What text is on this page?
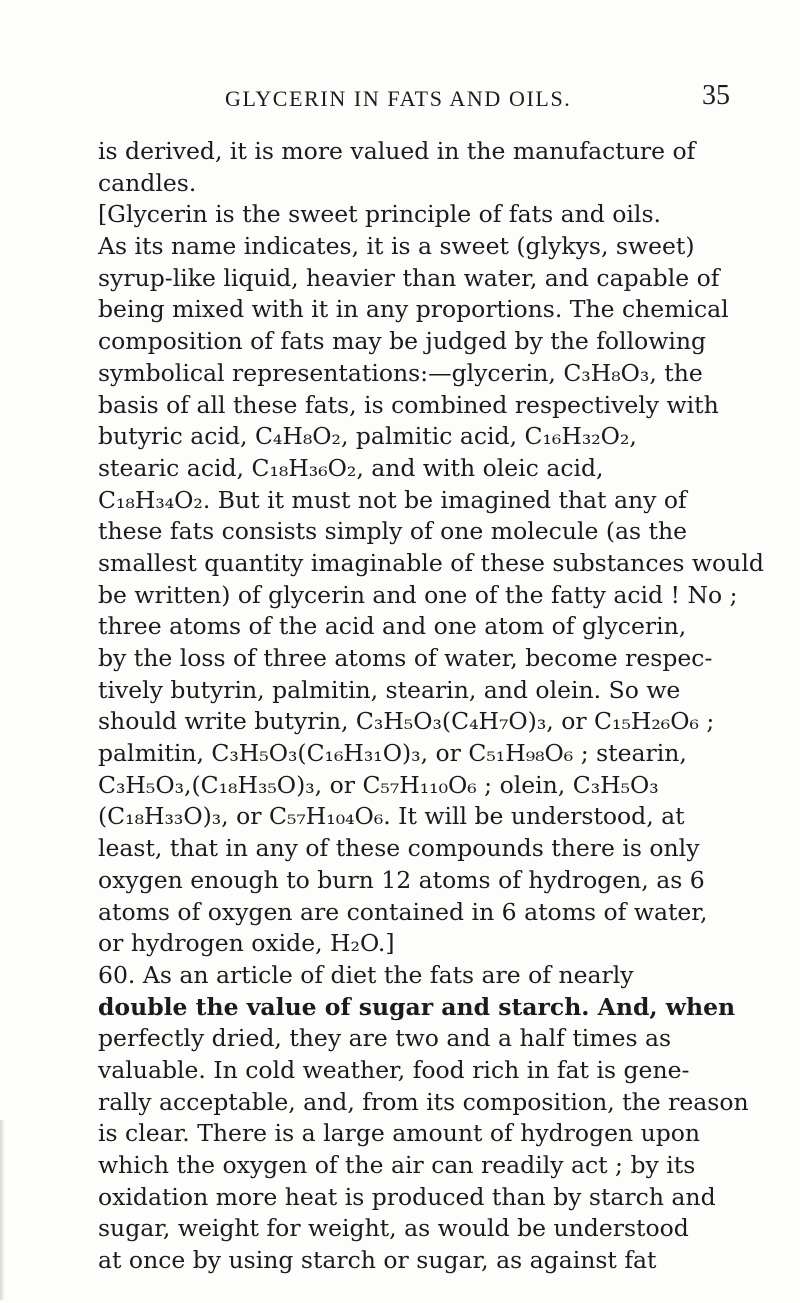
GLYCERIN IN FATS AND OILS.	35
is derived, it is more valued in the manufacture of
candles.
[Glycerin is the sweet principle of fats and oils.
As its name indicates, it is a sweet (glykys, sweet)
syrup-like liquid, heavier than water, and capable of
being mixed with it in any proportions. The chemical
composition of fats may be judged by the following
symbolical representations:—glycerin, C₃H₈O₃, the
basis of all these fats, is combined respectively with
butyric acid, C₄H₈O₂, palmitic acid, C₁₆H₃₂O₂,
stearic acid, C₁₈H₃₆O₂, and with oleic acid,
C₁₈H₃₄O₂. But it must not be imagined that any of
these fats consists simply of one molecule (as the
smallest quantity imaginable of these substances would
be written) of glycerin and one of the fatty acid ! No ;
three atoms of the acid and one atom of glycerin,
by the loss of three atoms of water, become respec-
tively butyrin, palmitin, stearin, and olein. So we
should write butyrin, C₃H₅O₃(C₄H₇O)₃, or C₁₅H₂₆O₆ ;
palmitin, C₃H₅O₃(C₁₆H₃₁O)₃, or C₅₁H₉₈O₆ ; stearin,
C₃H₅O₃,(C₁₈H₃₅O)₃, or C₅₇H₁₁₀O₆ ; olein, C₃H₅O₃
(C₁₈H₃₃O)₃, or C₅₇H₁₀₄O₆. It will be understood, at
least, that in any of these compounds there is only
oxygen enough to burn 12 atoms of hydrogen, as 6
atoms of oxygen are contained in 6 atoms of water,
or hydrogen oxide, H₂O.]
60. As an article of diet the fats are of nearly
double the value of sugar and starch. And, when
perfectly dried, they are two and a half times as
valuable. In cold weather, food rich in fat is gene-
rally acceptable, and, from its composition, the reason
is clear. There is a large amount of hydrogen upon
which the oxygen of the air can readily act ; by its
oxidation more heat is produced than by starch and
sugar, weight for weight, as would be understood
at once by using starch or sugar, as against fat
